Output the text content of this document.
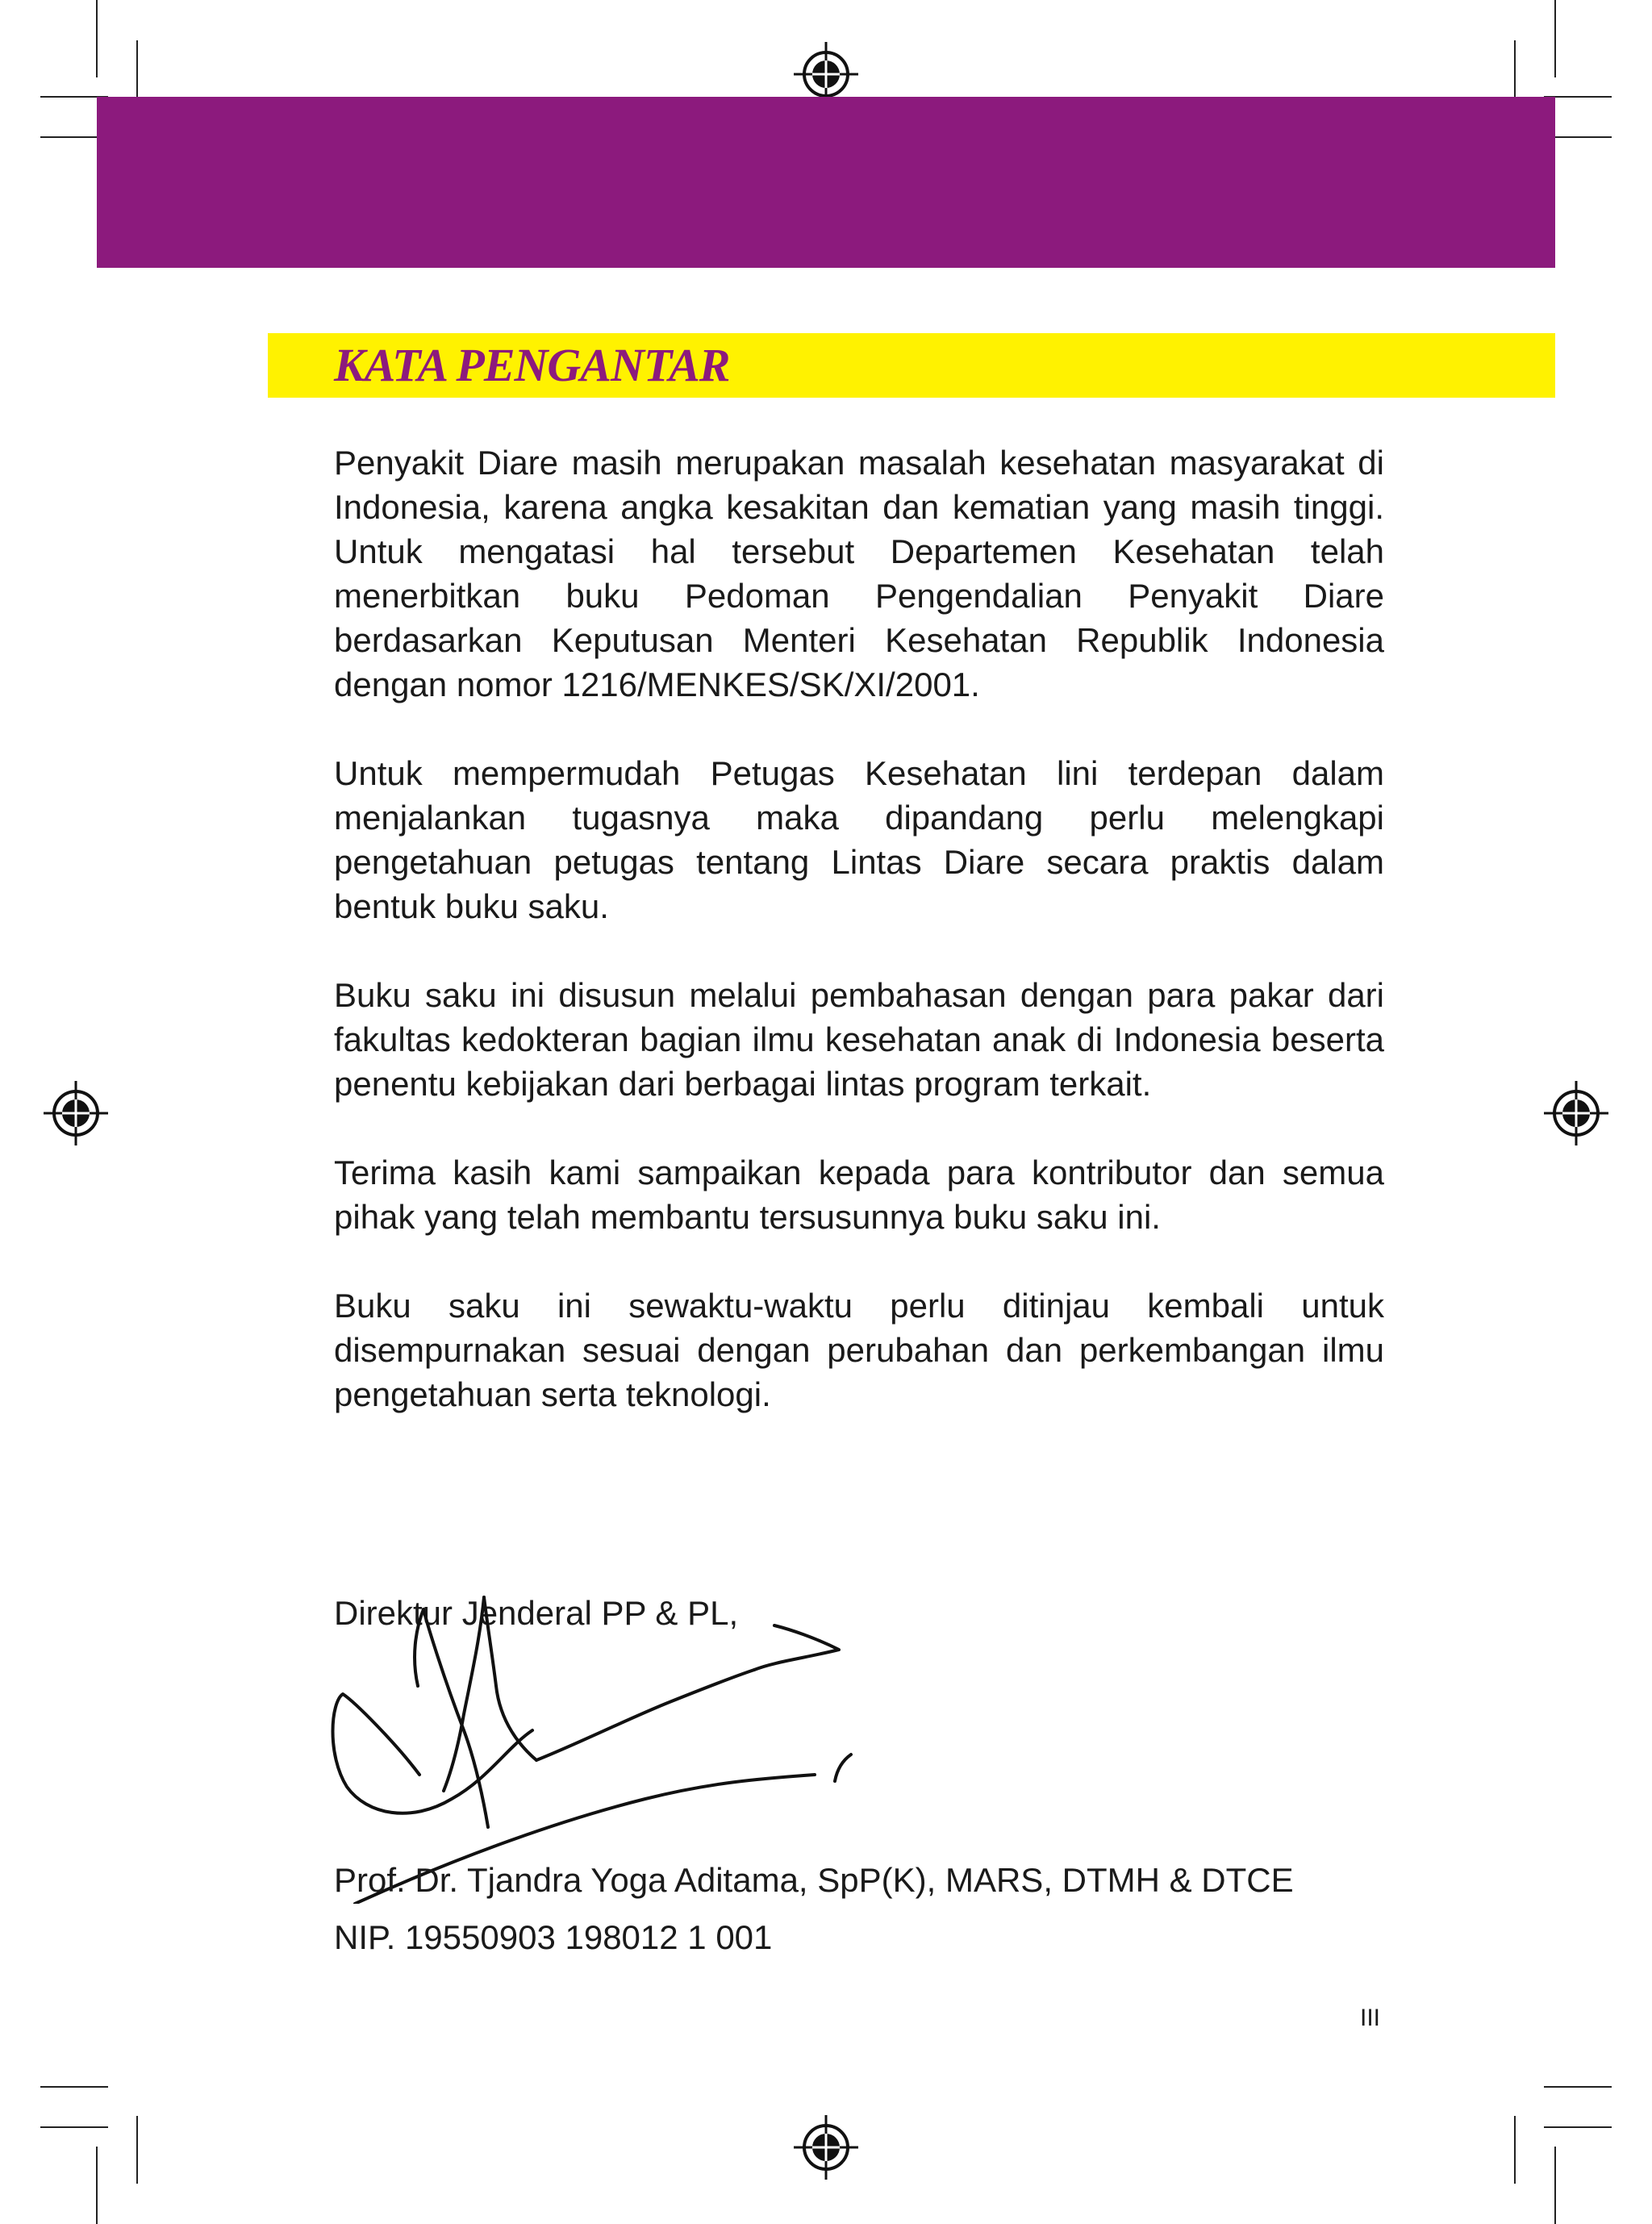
KATA PENGANTAR

Penyakit Diare masih merupakan masalah kesehatan masyarakat di Indonesia, karena angka kesakitan dan kematian yang masih tinggi. Untuk mengatasi hal tersebut Departemen Kesehatan telah menerbitkan buku Pedoman Pengendalian Penyakit Diare berdasarkan Keputusan Menteri Kesehatan Republik Indonesia dengan nomor 1216/MENKES/SK/XI/2001.

Untuk mempermudah Petugas Kesehatan lini terdepan dalam menjalankan tugasnya maka dipandang perlu melengkapi pengetahuan petugas tentang Lintas Diare secara praktis dalam bentuk buku saku.

Buku saku ini disusun melalui pembahasan dengan para pakar dari fakultas kedokteran bagian ilmu kesehatan anak di Indonesia beserta penentu kebijakan dari berbagai lintas program terkait.

Terima kasih kami sampaikan kepada para kontributor dan semua pihak yang telah membantu tersusunnya buku saku ini.

Buku saku ini sewaktu-waktu perlu ditinjau kembali untuk disempurnakan sesuai dengan perubahan dan perkembangan ilmu pengetahuan serta teknologi.

Direktur Jenderal PP & PL,

Prof. Dr. Tjandra Yoga Aditama, SpP(K), MARS, DTMH & DTCE

NIP. 19550903 198012 1 001

III
